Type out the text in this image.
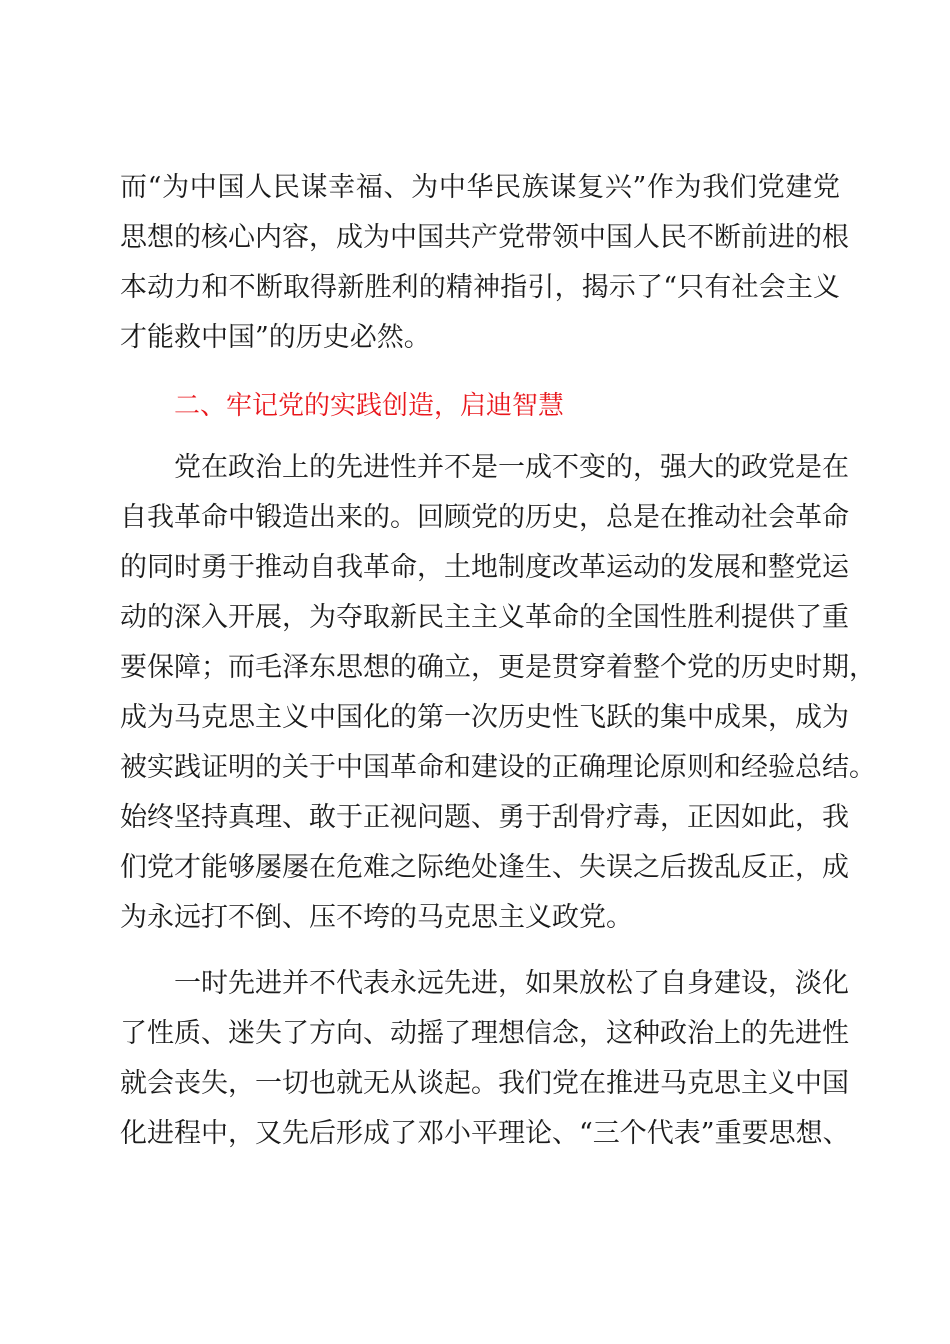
而“为中国人民谋幸福、为中华民族谋复兴”作为我们党建党
思想的核心内容，成为中国共产党带领中国人民不断前进的根
本动力和不断取得新胜利的精神指引，揭示了“只有社会主义
才能救中国”的历史必然。
二、牢记党的实践创造，启迪智慧
党在政治上的先进性并不是一成不变的，强大的政党是在
自我革命中锻造出来的。回顾党的历史，总是在推动社会革命
的同时勇于推动自我革命，土地制度改革运动的发展和整党运
动的深入开展，为夺取新民主主义革命的全国性胜利提供了重
要保障；而毛泽东思想的确立，更是贯穿着整个党的历史时期，
成为马克思主义中国化的第一次历史性飞跃的集中成果，成为
被实践证明的关于中国革命和建设的正确理论原则和经验总结。
始终坚持真理、敢于正视问题、勇于刮骨疗毒，正因如此，我
们党才能够屡屡在危难之际绝处逢生、失误之后拨乱反正，成
为永远打不倒、压不垮的马克思主义政党。
一时先进并不代表永远先进，如果放松了自身建设，淡化
了性质、迷失了方向、动摇了理想信念，这种政治上的先进性
就会丧失，一切也就无从谈起。我们党在推进马克思主义中国
化进程中，又先后形成了邓小平理论、“三个代表”重要思想、
